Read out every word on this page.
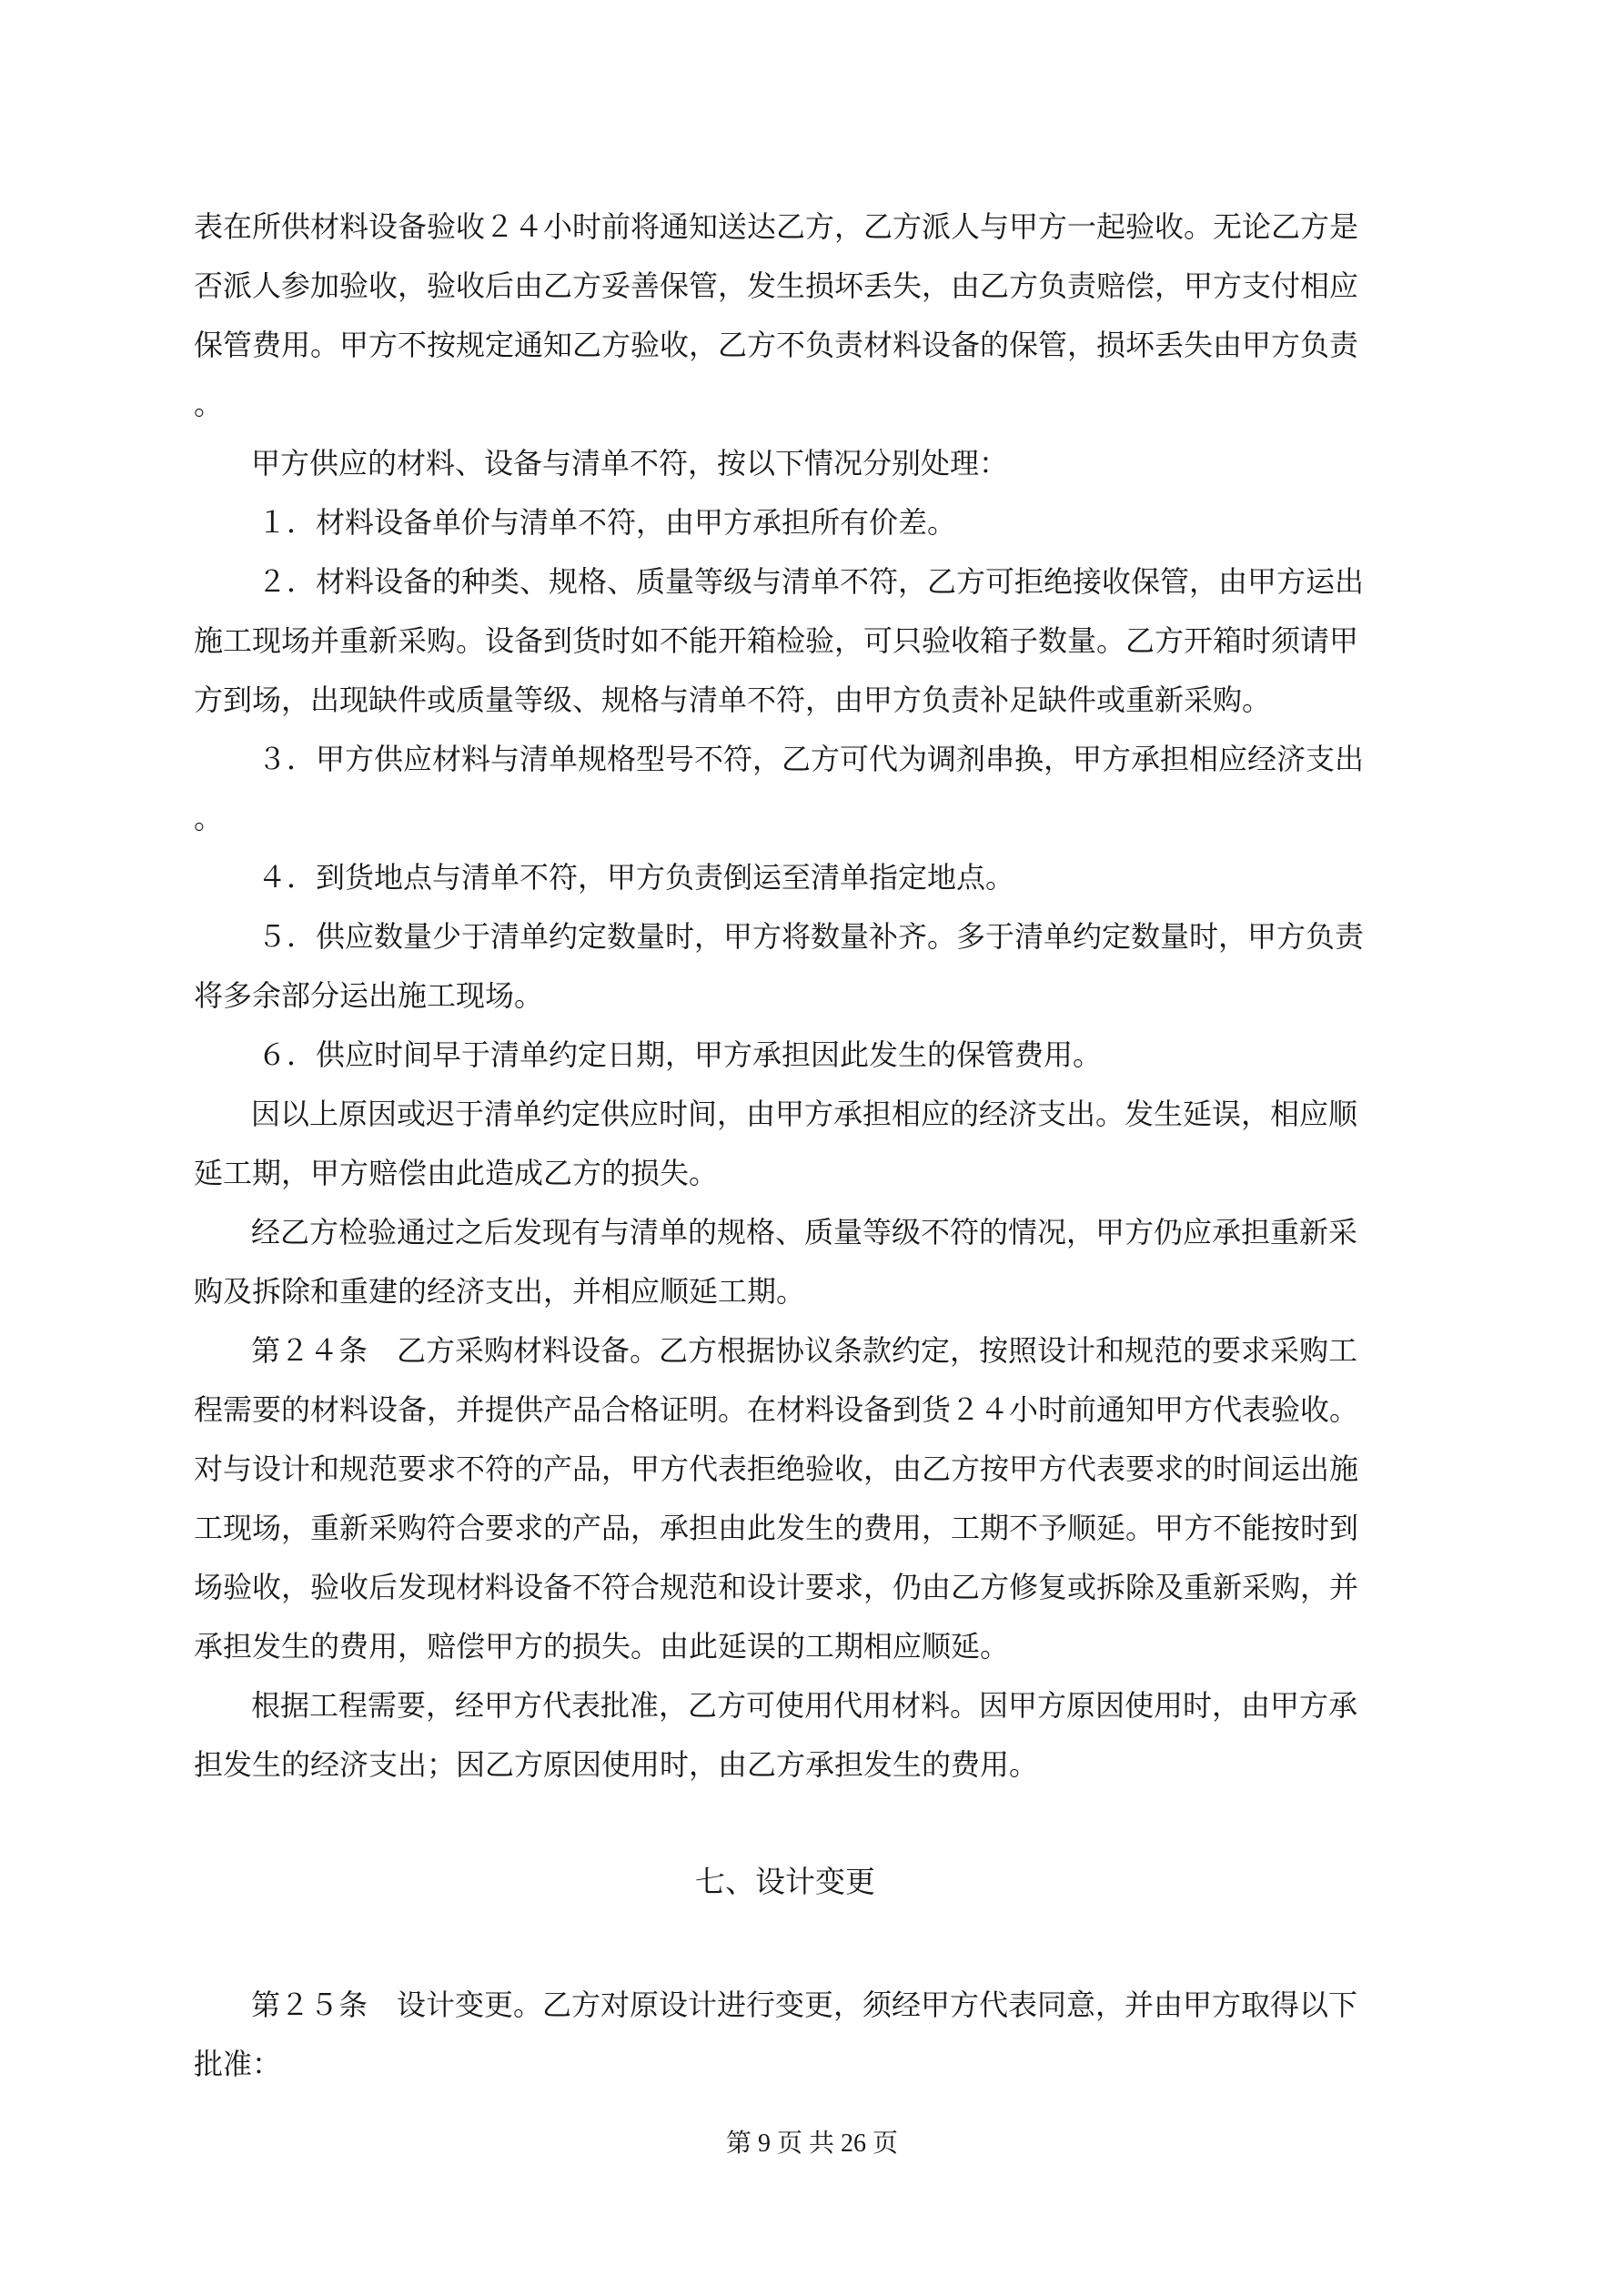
表在所供材料设备验收２４小时前将通知送达乙方，乙方派人与甲方一起验收。无论乙方是

否派人参加验收，验收后由乙方妥善保管，发生损坏丢失，由乙方负责赔偿，甲方支付相应

保管费用。甲方不按规定通知乙方验收，乙方不负责材料设备的保管，损坏丢失由甲方负责

。

甲方供应的材料、设备与清单不符，按以下情况分别处理：

１．材料设备单价与清单不符，由甲方承担所有价差。

２．材料设备的种类、规格、质量等级与清单不符，乙方可拒绝接收保管，由甲方运出

施工现场并重新采购。设备到货时如不能开箱检验，可只验收箱子数量。乙方开箱时须请甲

方到场，出现缺件或质量等级、规格与清单不符，由甲方负责补足缺件或重新采购。

３．甲方供应材料与清单规格型号不符，乙方可代为调剂串换，甲方承担相应经济支出

。

４．到货地点与清单不符，甲方负责倒运至清单指定地点。

５．供应数量少于清单约定数量时，甲方将数量补齐。多于清单约定数量时，甲方负责

将多余部分运出施工现场。

６．供应时间早于清单约定日期，甲方承担因此发生的保管费用。

因以上原因或迟于清单约定供应时间，由甲方承担相应的经济支出。发生延误，相应顺

延工期，甲方赔偿由此造成乙方的损失。

经乙方检验通过之后发现有与清单的规格、质量等级不符的情况，甲方仍应承担重新采

购及拆除和重建的经济支出，并相应顺延工期。

第２４条　乙方采购材料设备。乙方根据协议条款约定，按照设计和规范的要求采购工

程需要的材料设备，并提供产品合格证明。在材料设备到货２４小时前通知甲方代表验收。

对与设计和规范要求不符的产品，甲方代表拒绝验收，由乙方按甲方代表要求的时间运出施

工现场，重新采购符合要求的产品，承担由此发生的费用，工期不予顺延。甲方不能按时到

场验收，验收后发现材料设备不符合规范和设计要求，仍由乙方修复或拆除及重新采购，并

承担发生的费用，赔偿甲方的损失。由此延误的工期相应顺延。

根据工程需要，经甲方代表批准，乙方可使用代用材料。因甲方原因使用时，由甲方承

担发生的经济支出；因乙方原因使用时，由乙方承担发生的费用。

七、设计变更

第２５条　设计变更。乙方对原设计进行变更，须经甲方代表同意，并由甲方取得以下

批准：

第 9 页 共 26 页
